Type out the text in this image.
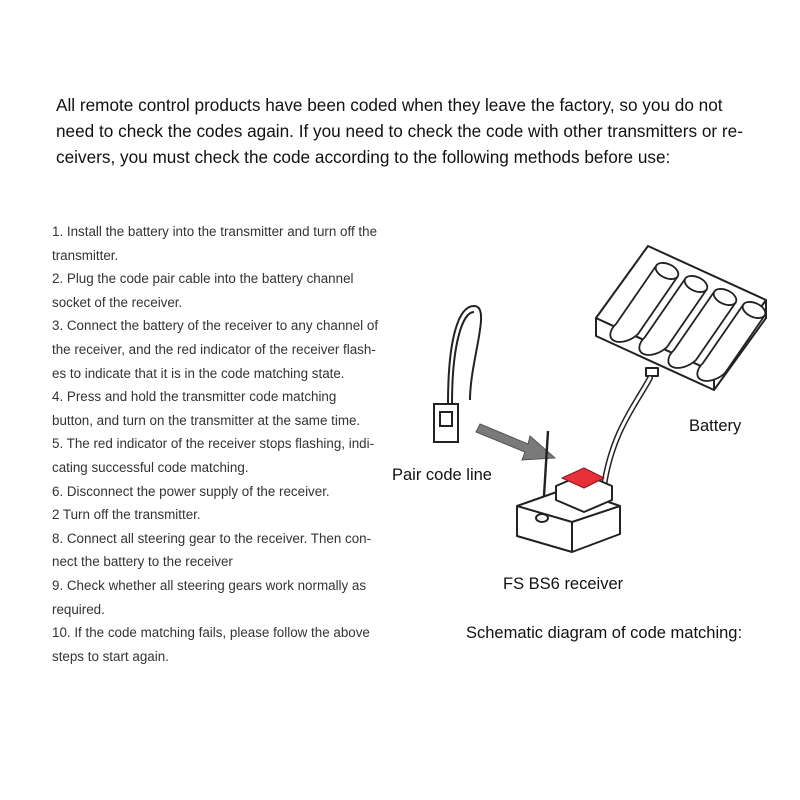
All remote control products have been coded when they leave the factory, so you do not
need to check the codes again. If you need to check the code with other transmitters or re-
ceivers, you must check the code according to the following methods before use:
1. Install the battery into the transmitter and turn off the
transmitter.
2. Plug the code pair cable into the battery channel
socket of the receiver.
3. Connect the battery of the receiver to any channel of
the receiver, and the red indicator of the receiver flash-
es to indicate that it is in the code matching state.
4. Press and hold the transmitter code matching
button, and turn on the transmitter at the same time.
5. The red indicator of the receiver stops flashing, indi-
cating successful code matching.
6. Disconnect the power supply of the receiver.
2 Turn off the transmitter.
8. Connect all steering gear to the receiver. Then con-
nect the battery to the receiver
9. Check whether all steering gears work normally as
required.
10. If the code matching fails, please follow the above
steps to start again.
Battery
Pair code line
FS BS6 receiver
Schematic diagram of code matching:
